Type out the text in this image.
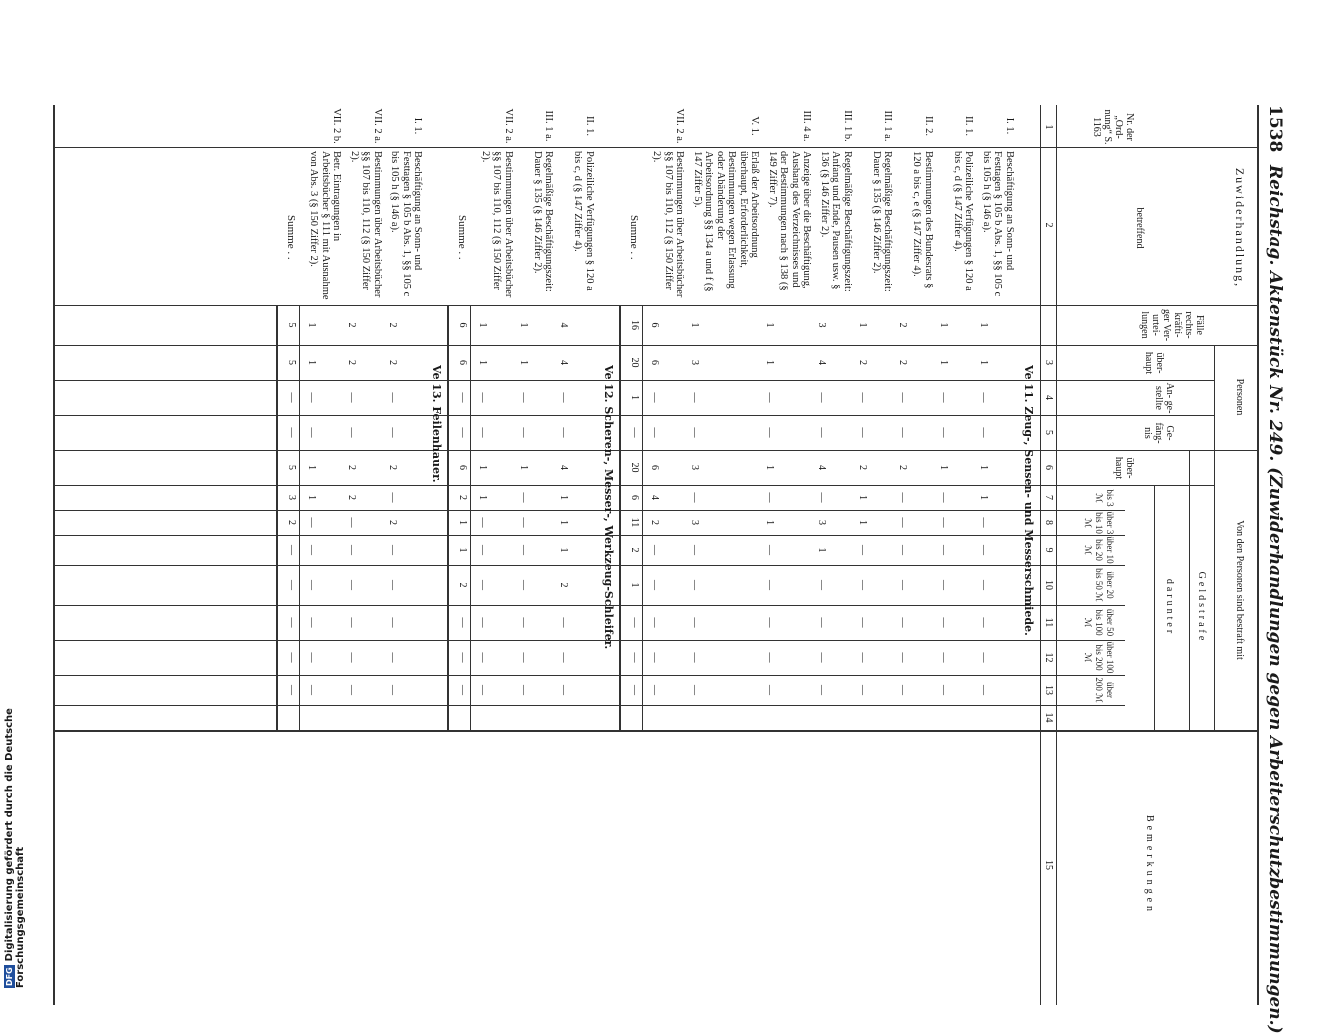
1538
Reichstag. Aktenstück Nr. 249. (Zuwiderhandlungen gegen Arbeiterschutzbestimmungen.)
Nr. der „Ord- nung“ S. 1163
Zuwiderhandlung,
betreffend
Fälle rechts- kräfti- ger Ver- urtei- lungen
Personen
über- haupt
An- ge- stellte
Ge- fäng- nis
Von den Personen sind bestraft mit
Geldstrafe
über- haupt
darunter
bis 3 ℳ
über 3 bis 10 ℳ
über 10 bis 20 ℳ
über 20 bis 50 ℳ
über 50 bis 100 ℳ
über 100 bis 200 ℳ
über 200 ℳ
Bemerkungen
1
2
3
4
5
6
7
8
9
10
11
12
13
14
15
Ve 11. Zeug-, Sensen- und Messerschmiede.
I. 1.
Beschäftigung an Sonn- und Festtagen § 105 b Abs. 1, §§ 105 c bis 105 h (§ 146 a).
1
1
—
—
1
1
—
—
—
—
—
—
II. 1.
Polizeiliche Verfügungen § 120 a bis c, d (§ 147 Ziffer 4).
1
1
—
—
1
—
—
—
—
—
—
—
II. 2.
Bestimmungen des Bundesrats § 120 a bis c, e (§ 147 Ziffer 4).
2
2
—
—
2
—
—
—
—
—
—
—
III. 1 a.
Regelmäßige Beschäftigungszeit: Dauer § 135 (§ 146 Ziffer 2).
1
2
—
—
2
1
1
—
—
—
—
—
III. 1 b.
Regelmäßige Beschäftigungszeit: Anfang und Ende, Pausen usw. § 136 (§ 146 Ziffer 2).
3
4
—
—
4
—
3
1
—
—
—
—
III. 4 a.
Anzeige über die Beschäftigung, Aushang des Verzeichnisses und der Bestimmungen nach § 138 (§ 149 Ziffer 7).
1
1
—
—
1
—
1
—
—
—
—
—
V. 1.
Erlaß der Arbeitsordnung überhaupt, Erforderlichkeit, Bestimmungen wegen Erlassung oder Abänderung der Arbeitsordnung §§ 134 a und f (§ 147 Ziffer 5).
1
3
—
—
3
—
3
—
—
—
—
—
VII. 2 a.
Bestimmungen über Arbeitsbücher §§ 107 bis 110, 112 (§ 150 Ziffer 2).
6
6
—
—
6
4
2
—
—
—
—
—
Summe . .
16
20
1
—
20
6
11
2
1
—
—
—
Ve 12. Scheren-, Messer-, Werkzeug-Schleifer.
II. 1.
Polizeiliche Verfügungen § 120 a bis c, d (§ 147 Ziffer 4).
4
4
—
—
4
1
1
1
2
—
—
—
III. 1 a.
Regelmäßige Beschäftigungszeit: Dauer § 135 (§ 146 Ziffer 2).
1
1
—
—
1
—
—
—
—
—
—
—
VII. 2 a.
Bestimmungen über Arbeitsbücher §§ 107 bis 110, 112 (§ 150 Ziffer 2).
1
1
—
—
1
1
—
—
—
—
—
—
Summe . .
6
6
—
—
6
2
1
1
2
—
—
—
Ve 13. Feilenhauer.
I. 1.
Beschäftigung an Sonn- und Festtagen § 105 b Abs. 1, §§ 105 c bis 105 h (§ 146 a).
2
2
—
—
2
—
2
—
—
—
—
—
VII. 2 a.
Bestimmungen über Arbeitsbücher §§ 107 bis 110, 112 (§ 150 Ziffer 2).
2
2
—
—
2
2
—
—
—
—
—
—
VII. 2 b.
Betr. Eintragungen in Arbeitsbücher § 111 mit Ausnahme von Abs. 3 (§ 150 Ziffer 2).
1
1
—
—
1
1
—
—
—
—
—
—
Summe . .
5
5
—
—
5
3
2
—
—
—
—
—
DFGDigitalisierung gefördert durch die Deutsche Forschungsgemeinschaft
